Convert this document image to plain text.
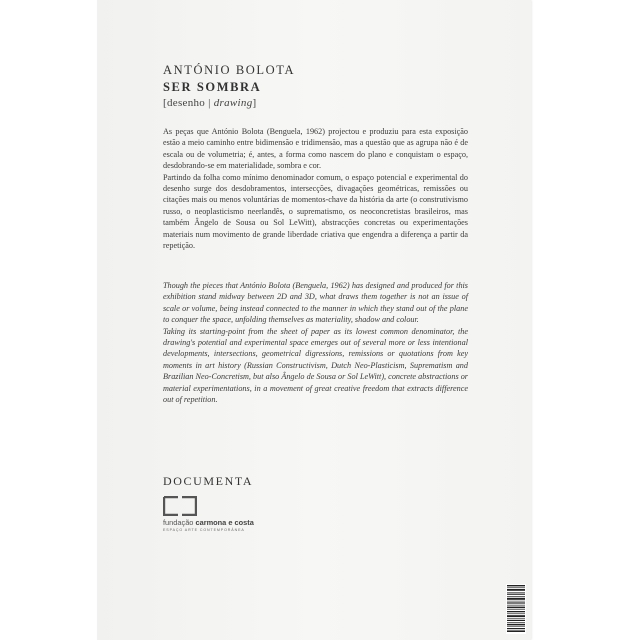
ANTÓNIO BOLOTA
SER SOMBRA
[desenho | drawing]

As peças que António Bolota (Benguela, 1962) projectou e produziu para esta exposição estão a meio caminho entre bidimensão e tridimensão, mas a questão que as agrupa não é de escala ou de volumetria; é, antes, a forma como nascem do plano e conquistam o espaço, desdobrando-se em materialidade, sombra e cor.

Partindo da folha como mínimo denominador comum, o espaço potencial e experimental do desenho surge dos desdobramentos, intersecções, divagações geométricas, remissões ou citações mais ou menos voluntárias de momentos-chave da história da arte (o construtivismo russo, o neoplasticismo neerlandês, o suprematismo, os neoconcretistas brasileiros, mas também Ângelo de Sousa ou Sol LeWitt), abstracções concretas ou experimentações materiais num movimento de grande liberdade criativa que engendra a diferença a partir da repetição.

Though the pieces that António Bolota (Benguela, 1962) has designed and produced for this exhibition stand midway between 2D and 3D, what draws them together is not an issue of scale or volume, being instead connected to the manner in which they stand out of the plane to conquer the space, unfolding themselves as materiality, shadow and colour.

Taking its starting-point from the sheet of paper as its lowest common denominator, the drawing's potential and experimental space emerges out of several more or less intentional developments, intersections, geometrical digressions, remissions or quotations from key moments in art history (Russian Constructivism, Dutch Neo-Plasticism, Suprematism and Brazilian Neo-Concretism, but also Ângelo de Sousa or Sol LeWitt), concrete abstractions or material experimentations, in a movement of great creative freedom that extracts difference out of repetition.

DOCUMENTA
fundação carmona e costa
ESPAÇO ARTE CONTEMPORÂNEA
